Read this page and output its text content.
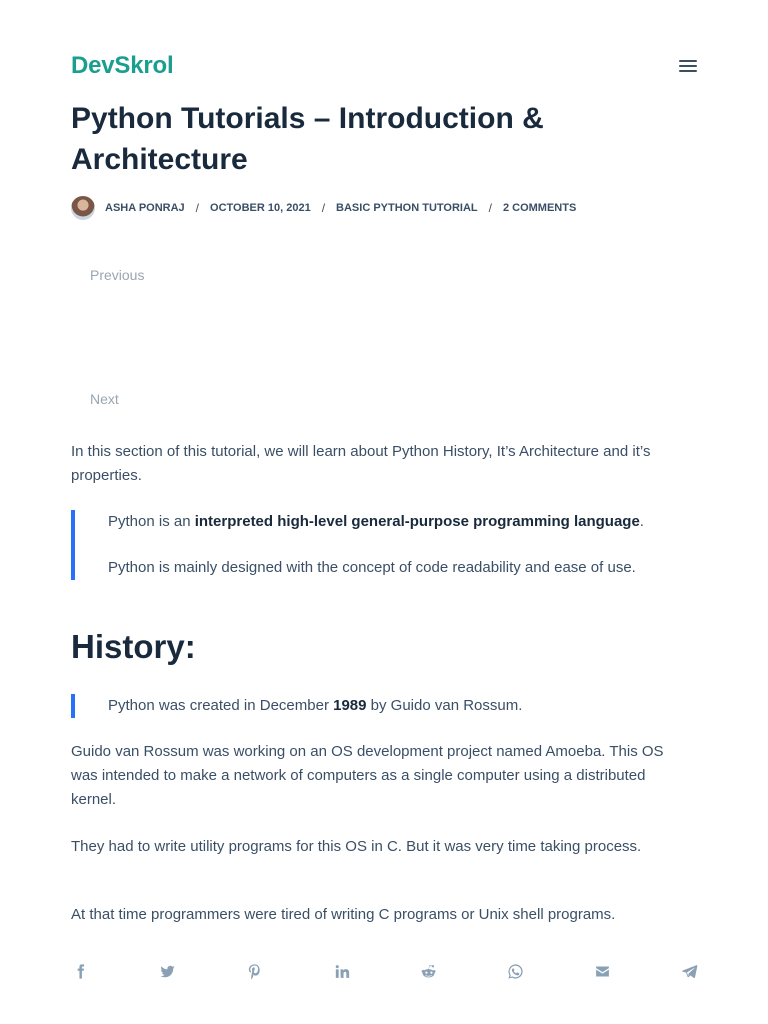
DevSkrol
Python Tutorials – Introduction & Architecture
ASHA PONRAJ / OCTOBER 10, 2021 / BASIC PYTHON TUTORIAL / 2 COMMENTS
Previous
Next

In this section of this tutorial, we will learn about Python History, It’s Architecture and it’s properties.

Python is an interpreted high-level general-purpose programming language.
Python is mainly designed with the concept of code readability and ease of use.
History:
Python was created in December 1989 by Guido van Rossum.

Guido van Rossum was working on an OS development project named Amoeba. This OS was intended to make a network of computers as a single computer using a distributed kernel.

They had to write utility programs for this OS in C. But it was very time taking process.

At that time programmers were tired of writing C programs or Unix shell programs.
